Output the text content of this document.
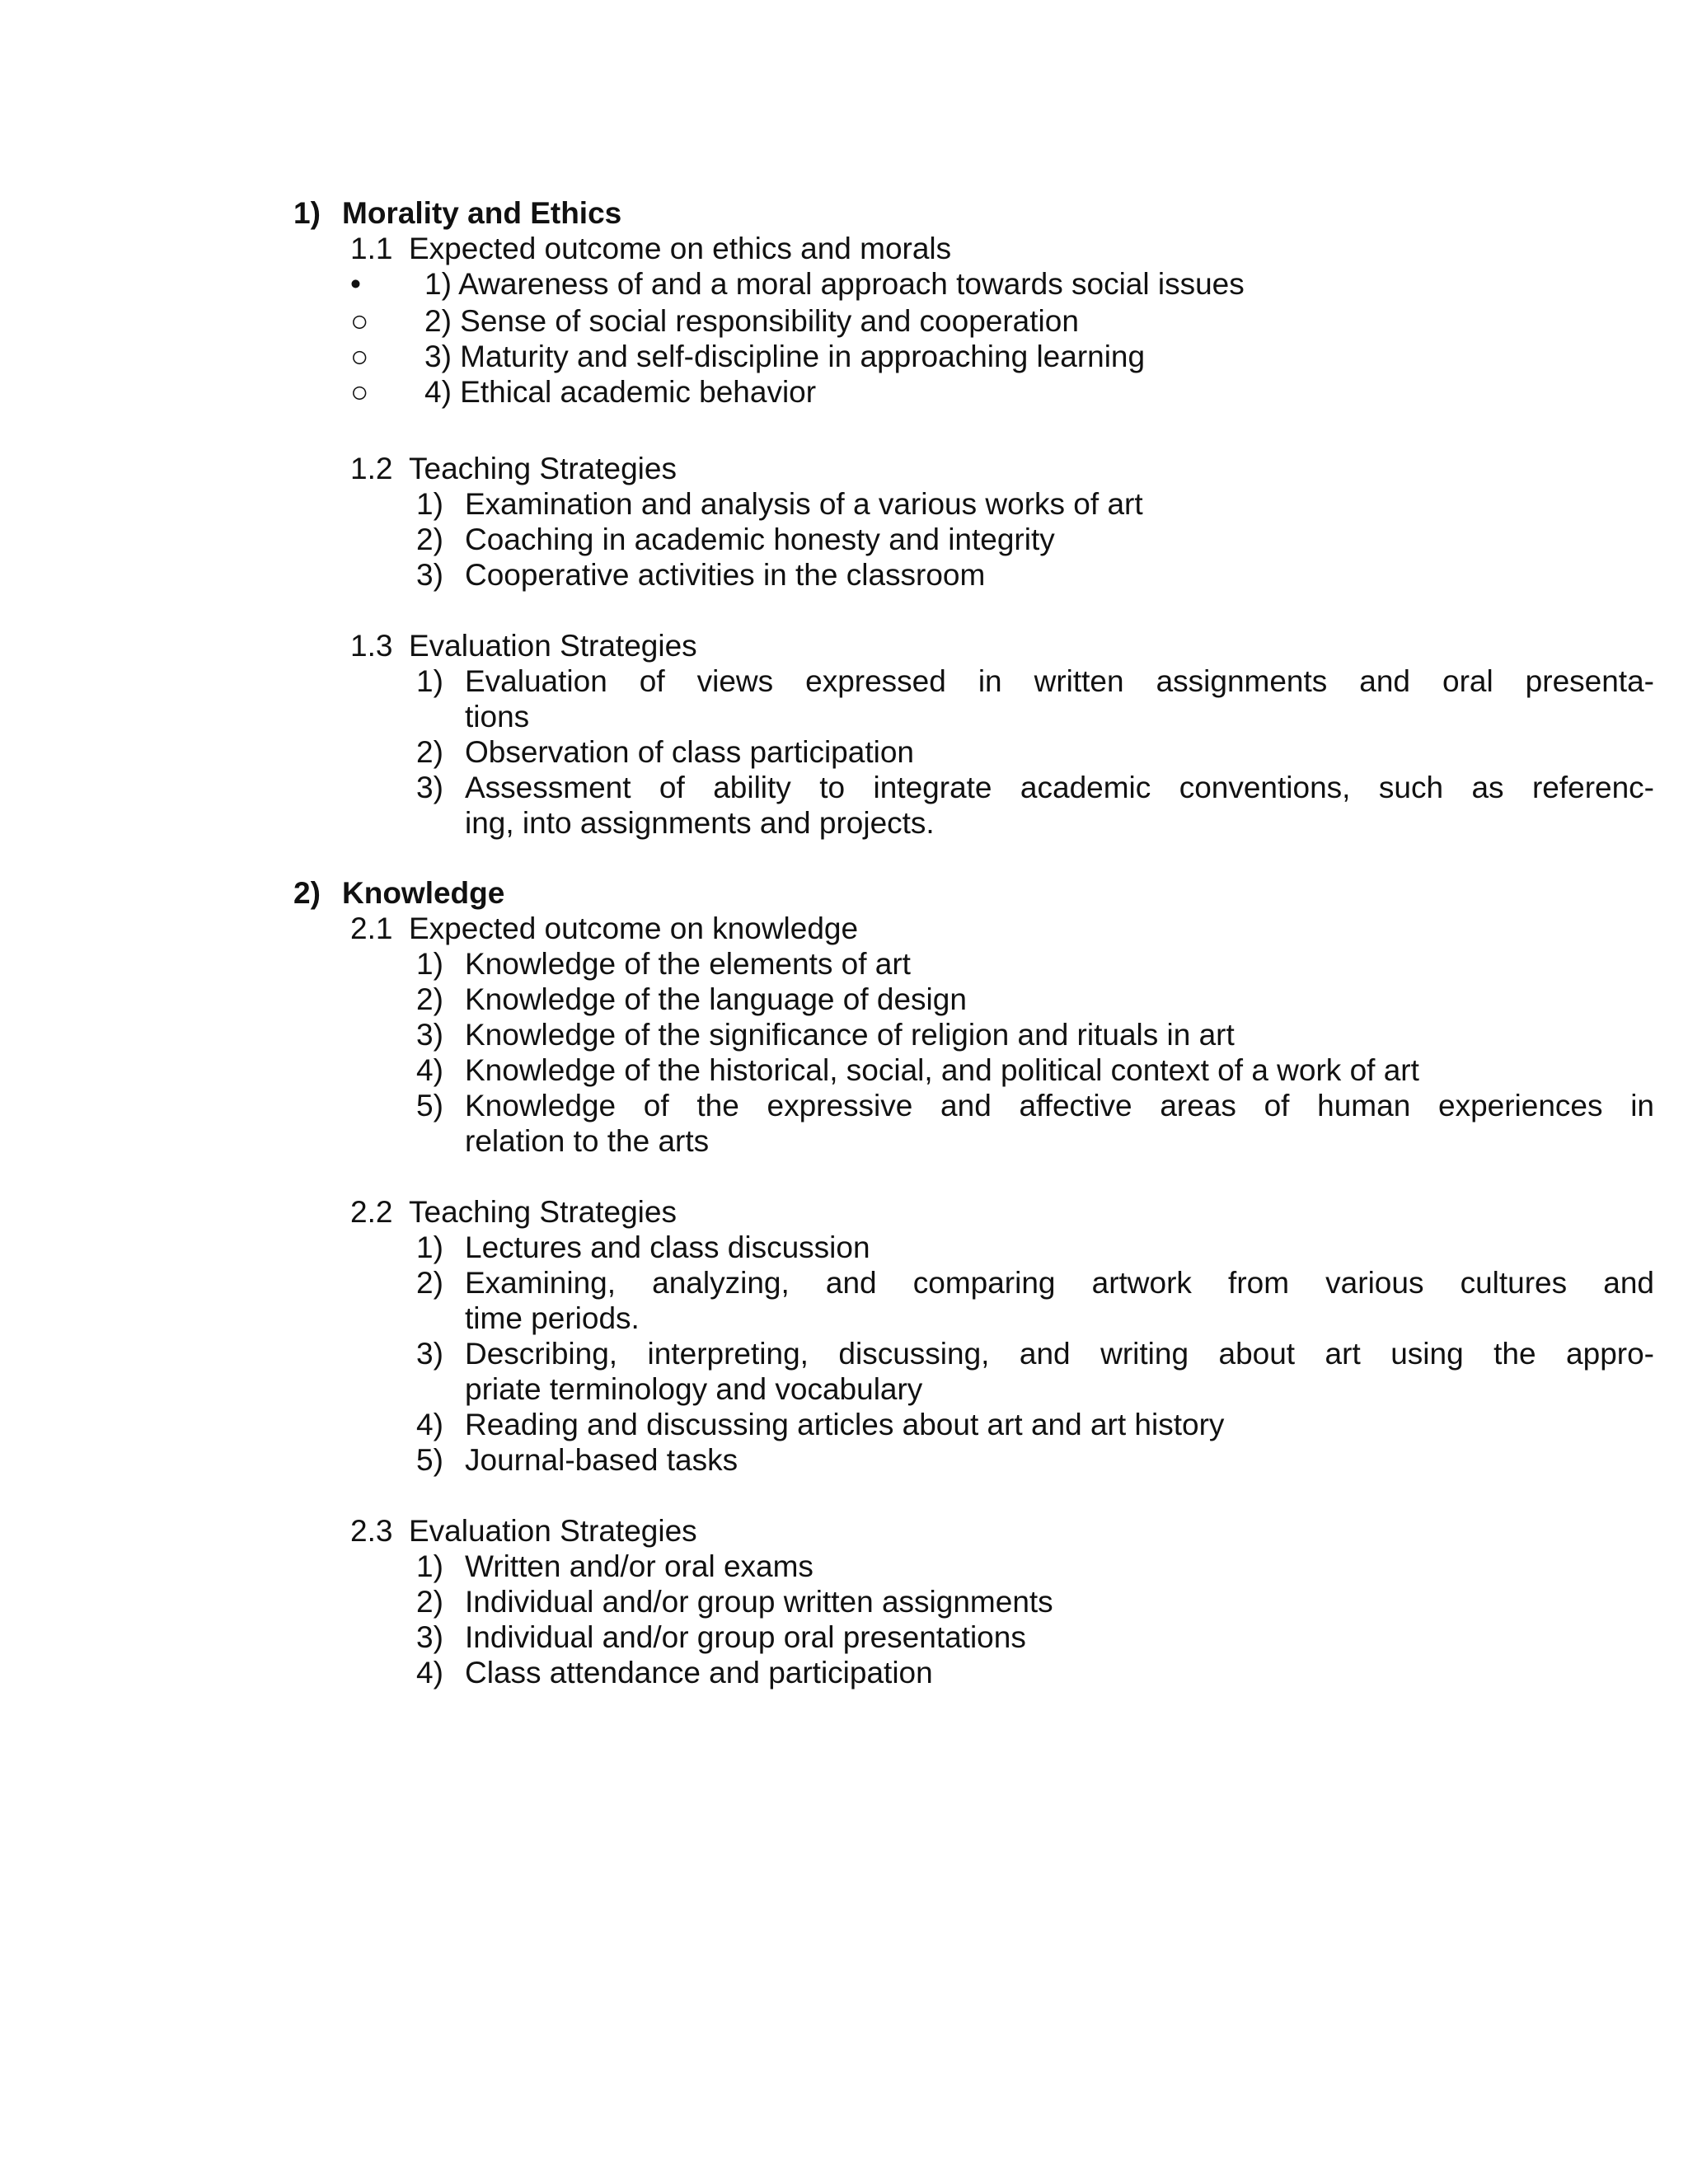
1) Morality and Ethics
1.1 Expected outcome on ethics and morals
• 1) Awareness of and a moral approach towards social issues
○ 2) Sense of social responsibility and cooperation
○ 3) Maturity and self-discipline in approaching learning
○ 4) Ethical academic behavior
1.2 Teaching Strategies
1) Examination and analysis of a various works of art
2) Coaching in academic honesty and integrity
3) Cooperative activities in the classroom
1.3 Evaluation Strategies
1) Evaluation of views expressed in written assignments and oral presenta-
tions
2) Observation of class participation
3) Assessment of ability to integrate academic conventions, such as referenc-
ing, into assignments and projects.
2) Knowledge
2.1 Expected outcome on knowledge
1) Knowledge of the elements of art
2) Knowledge of the language of design
3) Knowledge of the significance of religion and rituals in art
4) Knowledge of the historical, social, and political context of a work of art
5) Knowledge of the expressive and affective areas of human experiences in
relation to the arts
2.2 Teaching Strategies
1) Lectures and class discussion
2) Examining, analyzing, and comparing artwork from various cultures and
time periods.
3) Describing, interpreting, discussing, and writing about art using the appro-
priate terminology and vocabulary
4) Reading and discussing articles about art and art history
5) Journal-based tasks
2.3 Evaluation Strategies
1) Written and/or oral exams
2) Individual and/or group written assignments
3) Individual and/or group oral presentations
4) Class attendance and participation
